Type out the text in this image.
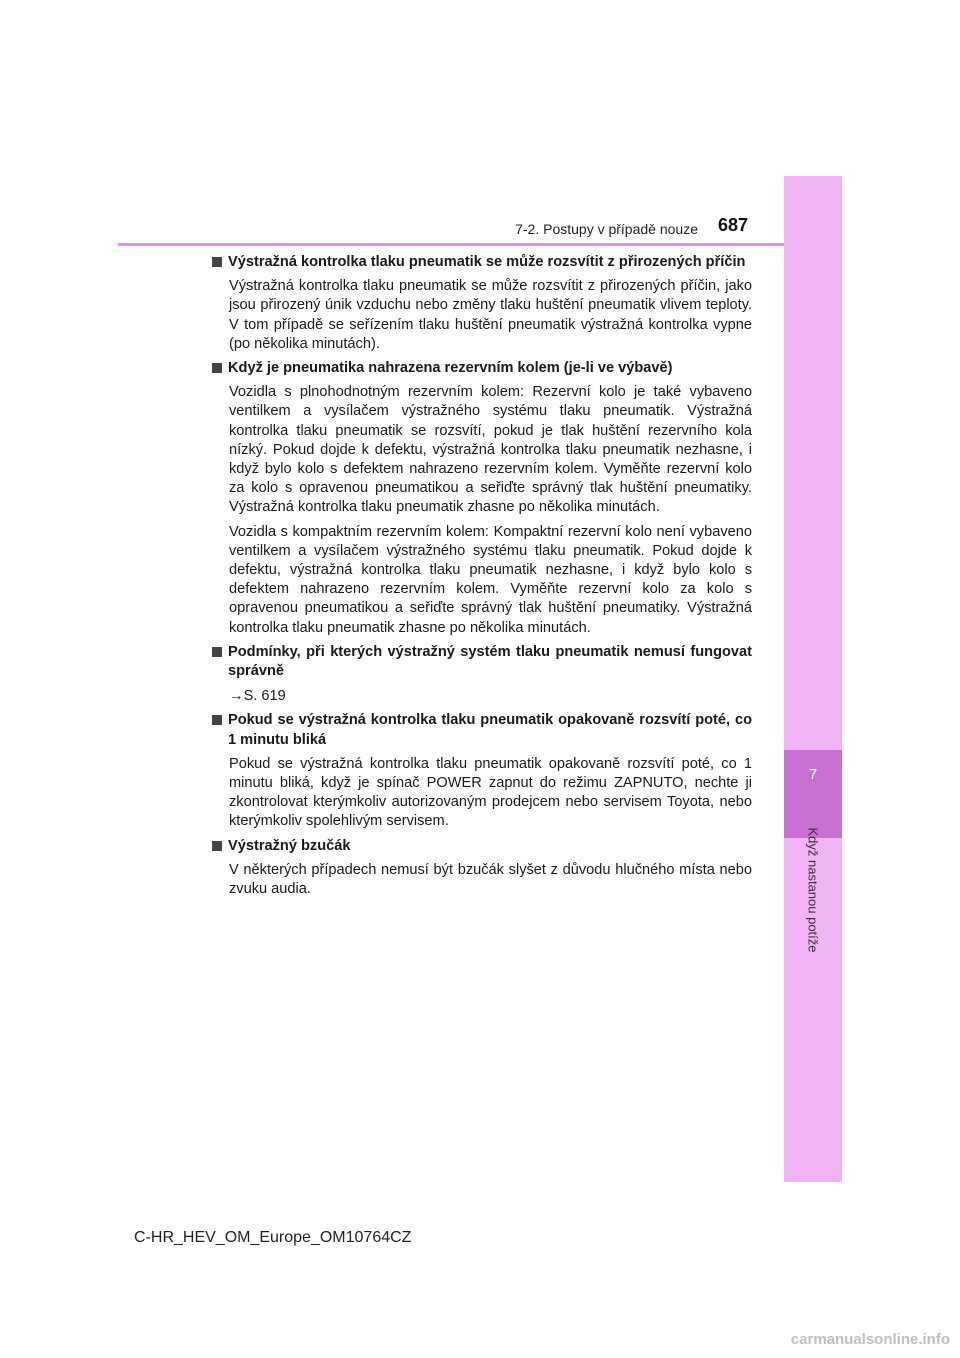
7
Když nastanou potíže
7-2. Postupy v případě nouze 687
Výstražná kontrolka tlaku pneumatik se může rozsvítit z přirozených příčin
Výstražná kontrolka tlaku pneumatik se může rozsvítit z přirozených příčin, jako jsou přirozený únik vzduchu nebo změny tlaku huštění pneumatik vlivem teploty. V tom případě se seřízením tlaku huštění pneumatik výstražná kontrolka vypne (po několika minutách).
Když je pneumatika nahrazena rezervním kolem (je-li ve výbavě)
Vozidla s plnohodnotným rezervním kolem: Rezervní kolo je také vybaveno ventilkem a vysílačem výstražného systému tlaku pneumatik. Výstražná kontrolka tlaku pneumatik se rozsvítí, pokud je tlak huštění rezervního kola nízký. Pokud dojde k defektu, výstražná kontrolka tlaku pneumatik nezhasne, i když bylo kolo s defektem nahrazeno rezervním kolem. Vyměňte rezervní kolo za kolo s opravenou pneumatikou a seřiďte správný tlak huštění pneumatiky. Výstražná kontrolka tlaku pneumatik zhasne po několika minutách.
Vozidla s kompaktním rezervním kolem: Kompaktní rezervní kolo není vybaveno ventilkem a vysílačem výstražného systému tlaku pneumatik. Pokud dojde k defektu, výstražná kontrolka tlaku pneumatik nezhasne, i když bylo kolo s defektem nahrazeno rezervním kolem. Vyměňte rezervní kolo za kolo s opravenou pneumatikou a seřiďte správný tlak huštění pneumatiky. Výstražná kontrolka tlaku pneumatik zhasne po několika minutách.
Podmínky, při kterých výstražný systém tlaku pneumatik nemusí fungovat správně
→S. 619
Pokud se výstražná kontrolka tlaku pneumatik opakovaně rozsvítí poté, co 1 minutu bliká
Pokud se výstražná kontrolka tlaku pneumatik opakovaně rozsvítí poté, co 1 minutu bliká, když je spínač POWER zapnut do režimu ZAPNUTO, nechte ji zkontrolovat kterýmkoliv autorizovaným prodejcem nebo servisem Toyota, nebo kterýmkoliv spolehlivým servisem.
Výstražný bzučák
V některých případech nemusí být bzučák slyšet z důvodu hlučného místa nebo zvuku audia.
C-HR_HEV_OM_Europe_OM10764CZ
carmanualsonline.info
